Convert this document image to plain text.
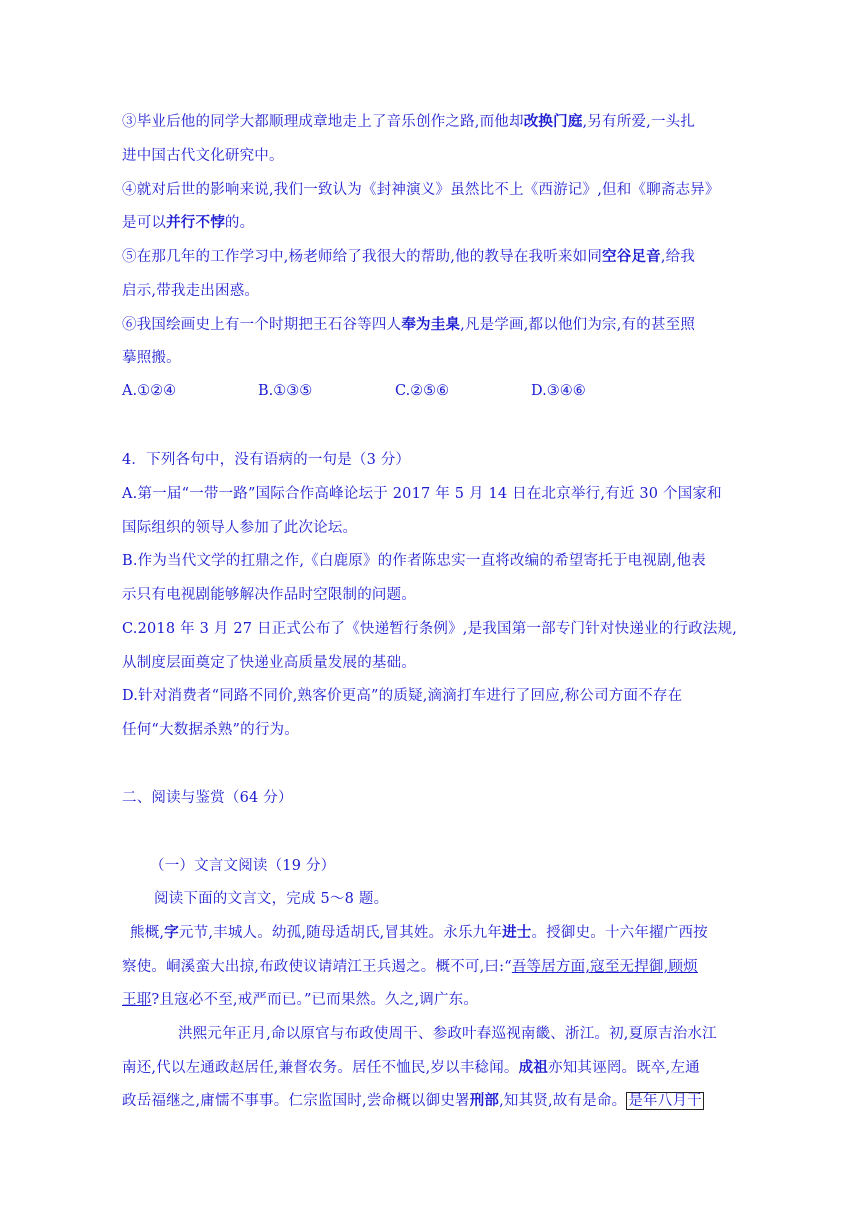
③毕业后他的同学大都顺理成章地走上了音乐创作之路,而他却改换门庭,另有所爱,一头扎
进中国古代文化研究中。
④就对后世的影响来说,我们一致认为《封神演义》虽然比不上《西游记》,但和《聊斋志异》
是可以并行不悖的。
⑤在那几年的工作学习中,杨老师给了我很大的帮助,他的教导在我听来如同空谷足音,给我
启示,带我走出困惑。
⑥我国绘画史上有一个时期把王石谷等四人奉为圭臬,凡是学画,都以他们为宗,有的甚至照
摹照搬。
A.①②④	B.①③⑤	C.②⑤⑥	D.③④⑥
4．下列各句中，没有语病的一句是（3 分）
A.第一届“一带一路”国际合作高峰论坛于 2017 年 5 月 14 日在北京举行,有近 30 个国家和
国际组织的领导人参加了此次论坛。
B.作为当代文学的扛鼎之作,《白鹿原》的作者陈忠实一直将改编的希望寄托于电视剧,他表
示只有电视剧能够解决作品时空限制的问题。
C.2018 年 3 月 27 日正式公布了《快递暂行条例》,是我国第一部专门针对快递业的行政法规,
从制度层面奠定了快递业高质量发展的基础。
D.针对消费者“同路不同价,熟客价更高”的质疑,滴滴打车进行了回应,称公司方面不存在
任何“大数据杀熟”的行为。
二、阅读与鉴赏（64 分）
（一）文言文阅读（19 分）
阅读下面的文言文，完成 5～8 题。
熊概,字元节,丰城人。幼孤,随母适胡氏,冒其姓。永乐九年进士。授御史。十六年擢广西按
察使。峒溪蛮大出掠,布政使议请靖江王兵遏之。概不可,曰:“吾等居方面,寇至无捍御,顾烦
王耶?且寇必不至,戒严而已。”已而果然。久之,调广东。
洪熙元年正月,命以原官与布政使周干、参政叶春巡视南畿、浙江。初,夏原吉治水江
南还,代以左通政赵居任,兼督农务。居任不恤民,岁以丰稔闻。成祖亦知其诬罔。既卒,左通
政岳福继之,庸懦不事事。仁宗监国时,尝命概以御史署刑部,知其贤,故有是命。 是年八月干
